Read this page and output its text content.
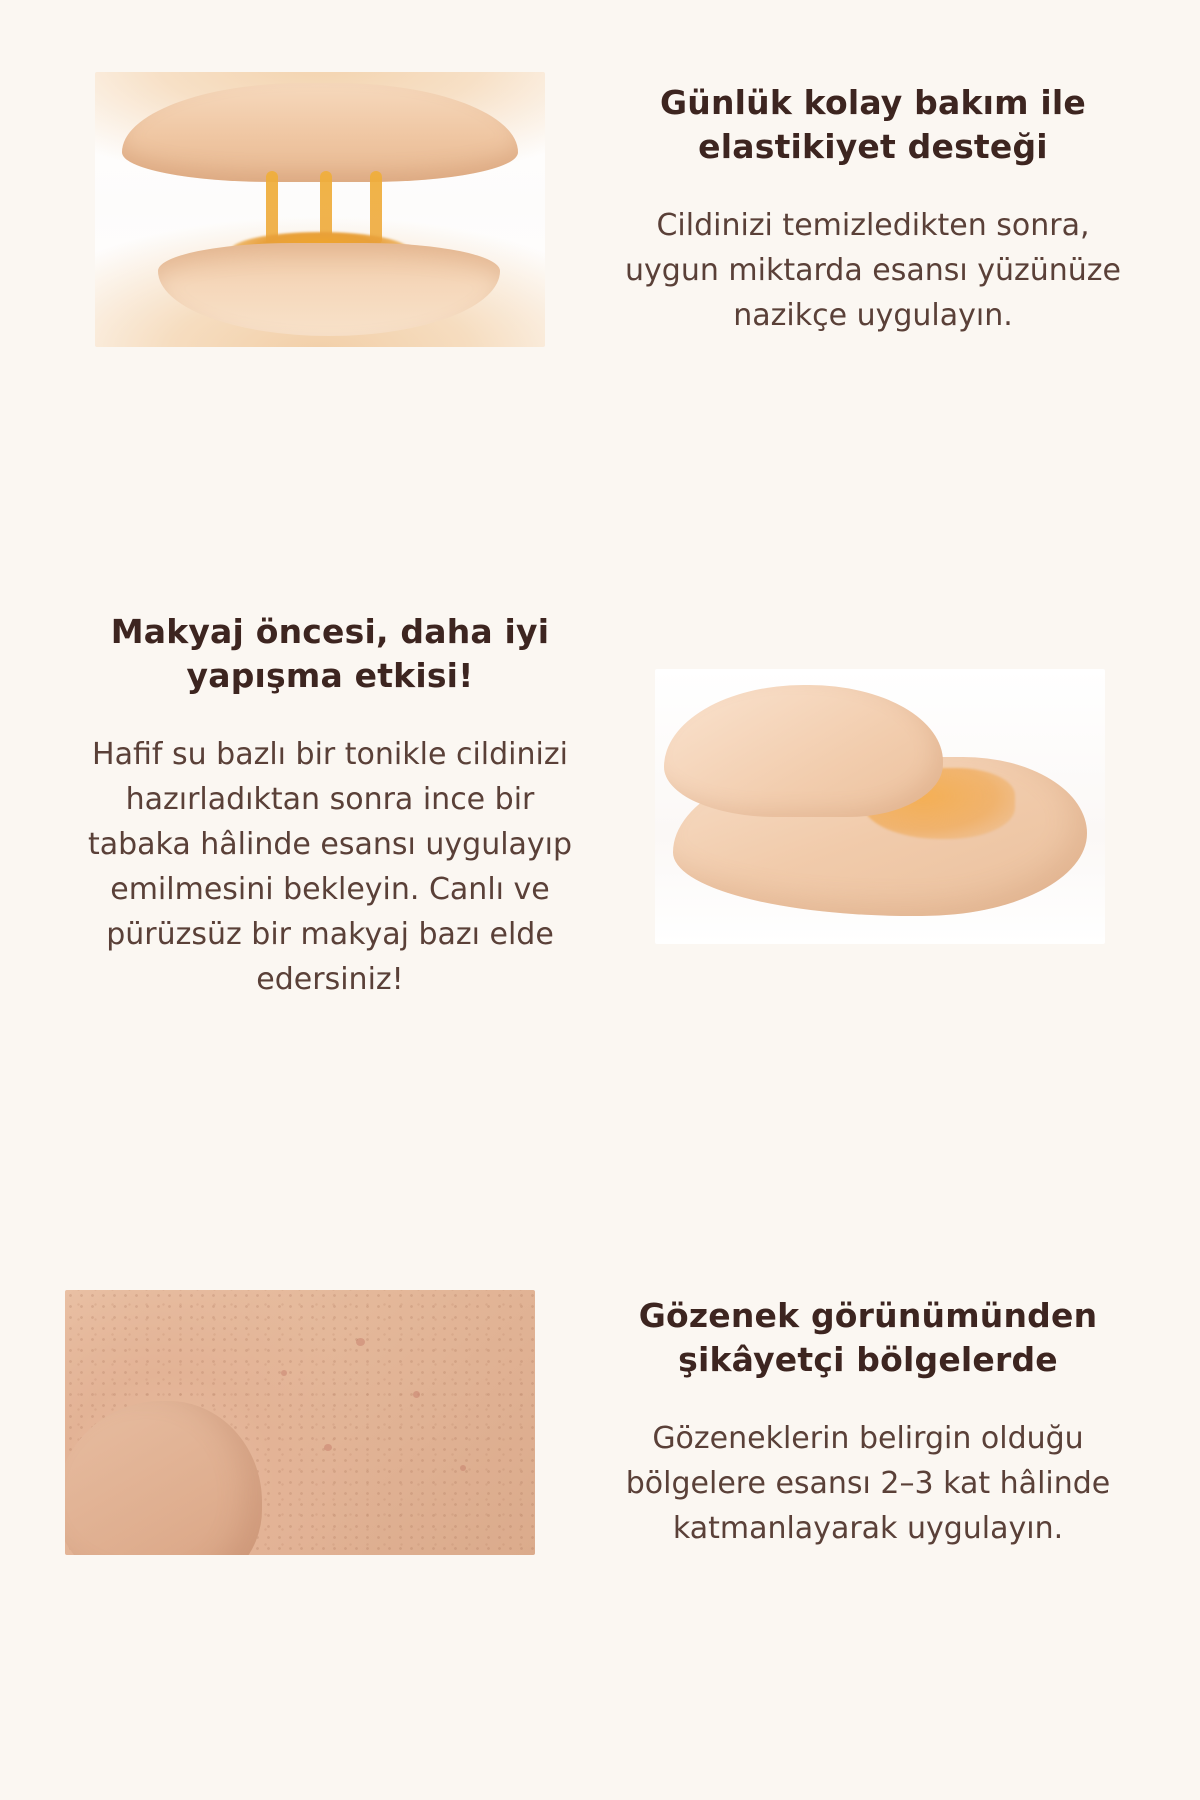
Günlük kolay bakım ile elastikiyet desteği

Cildinizi temizledikten sonra, uygun miktarda esansı yüzünüze nazikçe uygulayın.

Makyaj öncesi, daha iyi yapışma etkisi!

Hafif su bazlı bir tonikle cildinizi hazırladıktan sonra ince bir tabaka hâlinde esansı uygulayıp emilmesini bekleyin. Canlı ve pürüzsüz bir makyaj bazı elde edersiniz!

Gözenek görünümünden şikâyetçi bölgelerde

Gözeneklerin belirgin olduğu bölgelere esansı 2–3 kat hâlinde katmanlayarak uygulayın.
